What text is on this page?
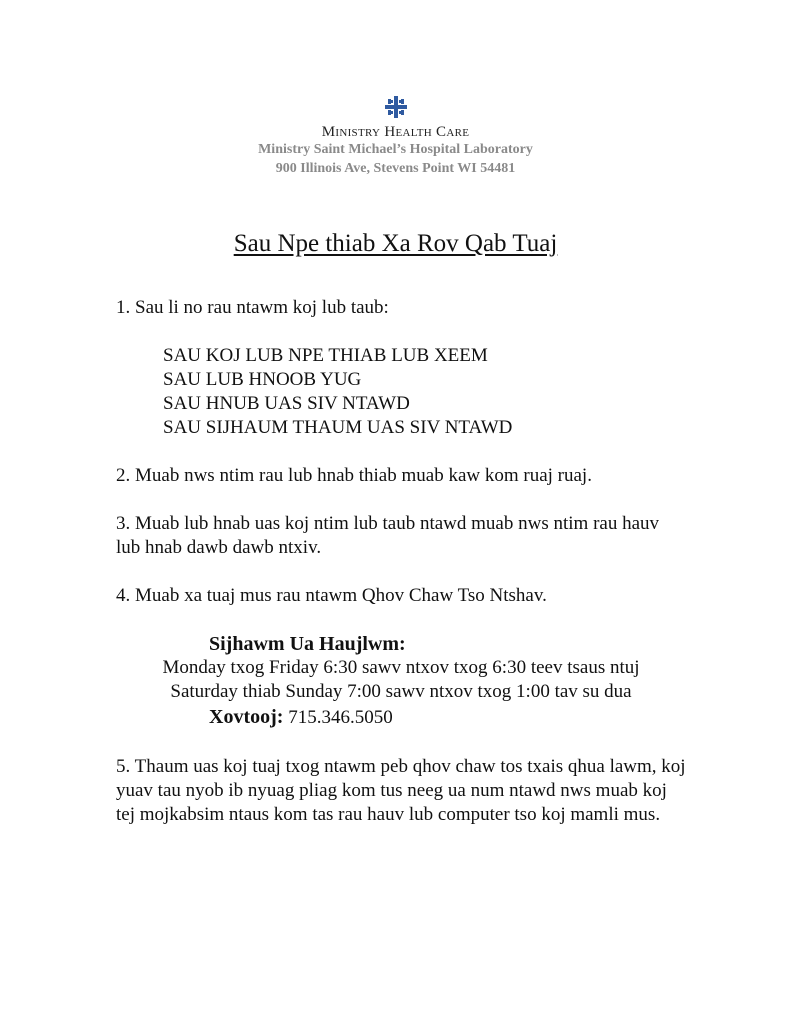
Ministry Health Care
Ministry Saint Michael’s Hospital Laboratory
900 Illinois Ave, Stevens Point WI 54481
Sau Npe thiab Xa Rov Qab Tuaj
1. Sau li no rau ntawm koj lub taub:
SAU KOJ LUB NPE THIAB LUB XEEM
SAU LUB HNOOB YUG
SAU HNUB UAS SIV NTAWD
SAU SIJHAUM THAUM UAS SIV NTAWD
2. Muab nws ntim rau lub hnab thiab muab kaw kom ruaj ruaj.
3. Muab lub hnab uas koj ntim lub taub ntawd muab nws ntim rau hauv lub hnab dawb dawb ntxiv.
4. Muab xa tuaj mus rau ntawm Qhov Chaw Tso Ntshav.
Sijhawm Ua Haujlwm:
Monday txog Friday 6:30 sawv ntxov txog 6:30 teev tsaus ntuj
Saturday thiab Sunday 7:00 sawv ntxov txog 1:00 tav su dua
Xovtooj: 715.346.5050
5. Thaum uas koj tuaj txog ntawm peb qhov chaw tos txais qhua lawm, koj yuav tau nyob ib nyuag pliag kom tus neeg ua num ntawd nws muab koj tej mojkabsim ntaus kom tas rau hauv lub computer tso koj mamli mus.
